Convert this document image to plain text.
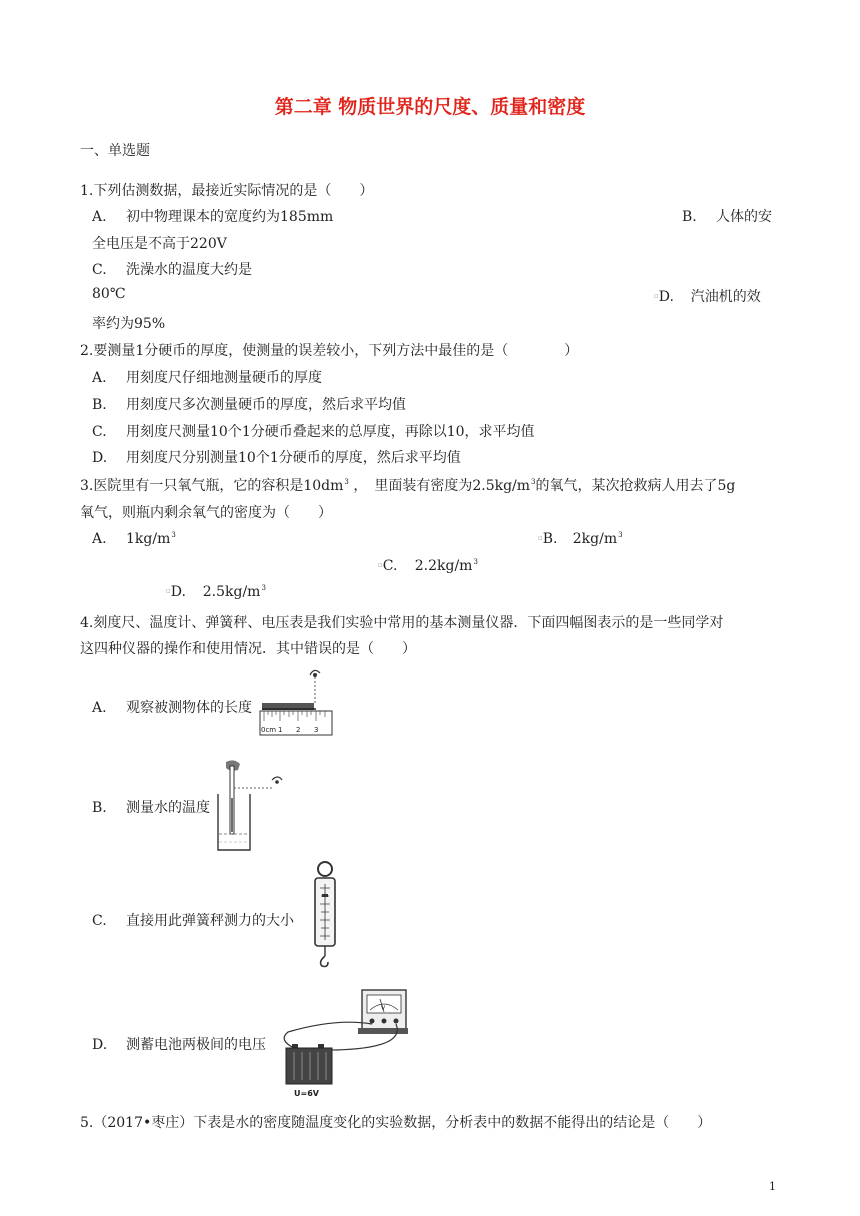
第二章 物质世界的尺度、质量和密度
一、单选题
1.下列估测数据，最接近实际情况的是（　　）
A. 初中物理课本的宽度约为185mm	B. 人体的安
全电压是不高于220V
C. 洗澡水的温度大约是
80℃	▫D. 汽油机的效
率约为95%
2.要测量1分硬币的厚度，使测量的误差较小，下列方法中最佳的是（　　　　）
A. 用刻度尺仔细地测量硬币的厚度
B. 用刻度尺多次测量硬币的厚度，然后求平均值
C. 用刻度尺测量10个1分硬币叠起来的总厚度，再除以10，求平均值
D. 用刻度尺分别测量10个1分硬币的厚度，然后求平均值
3.医院里有一只氧气瓶，它的容积是$10dm^3$ ，　里面装有密度为$2.5kg/m^3$的氧气，某次抢救病人用去了5g
氧气，则瓶内剩余氧气的密度为（　　）
A. $1kg/m^3$	▫B. $2kg/m^3$
▫C. $2.2kg/m^3$
▫D. $2.5kg/m^3$
4.刻度尺、温度计、弹簧秤、电压表是我们实验中常用的基本测量仪器．下面四幅图表示的是一些同学对
这四种仪器的操作和使用情况．其中错误的是（　　）
A. 观察被测物体的长度
0cm 1 2 3
B. 测量水的温度
C. 直接用此弹簧秤测力的大小
D. 测蓄电池两极间的电压
V
U=6V
5.（2017•枣庄）下表是水的密度随温度变化的实验数据，分析表中的数据不能得出的结论是（　　）
1
